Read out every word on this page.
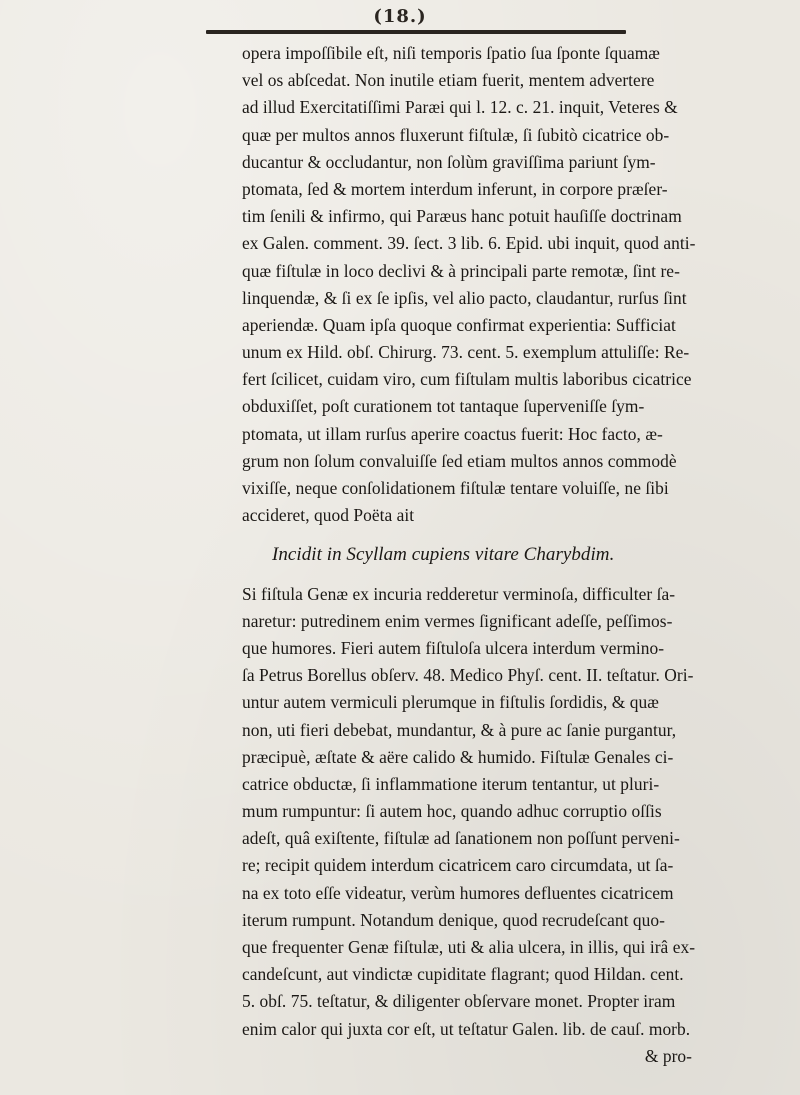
(18.)
opera impoſſibile eſt, niſi temporis ſpatio ſua ſponte ſquamæ
vel os abſcedat. Non inutile etiam fuerit, mentem advertere
ad illud Exercitatiſſimi Paræi qui l. 12. c. 21. inquit, Veteres &
quæ per multos annos fluxerunt fiſtulæ, ſi ſubitò cicatrice ob-
ducantur & occludantur, non ſolùm graviſſima pariunt ſym-
ptomata, ſed & mortem interdum inferunt, in corpore præſer-
tim ſenili & infirmo, qui Paræus hanc potuit hauſiſſe doctrinam
ex Galen. comment. 39. ſect. 3 lib. 6. Epid. ubi inquit, quod anti-
quæ fiſtulæ in loco declivi & à principali parte remotæ, ſint re-
linquendæ, & ſi ex ſe ipſis, vel alio pacto, claudantur, rurſus ſint
aperiendæ. Quam ipſa quoque confirmat experientia: Sufficiat
unum ex Hild. obſ. Chirurg. 73. cent. 5. exemplum attuliſſe: Re-
fert ſcilicet, cuidam viro, cum fiſtulam multis laboribus cicatrice
obduxiſſet, poſt curationem tot tantaque ſuperveniſſe ſym-
ptomata, ut illam rurſus aperire coactus fuerit: Hoc facto, æ-
grum non ſolum convaluiſſe ſed etiam multos annos commodè
vixiſſe, neque conſolidationem fiſtulæ tentare voluiſſe, ne ſibi
accideret, quod Poëta ait
Incidit in Scyllam cupiens vitare Charybdim.
Si fiſtula Genæ ex incuria redderetur verminoſa, difficulter ſa-
naretur: putredinem enim vermes ſignificant adeſſe, peſſimos-
que humores. Fieri autem fiſtuloſa ulcera interdum vermino-
ſa Petrus Borellus obſerv. 48. Medico Phyſ. cent. II. teſtatur. Ori-
untur autem vermiculi plerumque in fiſtulis ſordidis, & quæ
non, uti fieri debebat, mundantur, & à pure ac ſanie purgantur,
præcipuè, æſtate & aëre calido & humido. Fiſtulæ Genales ci-
catrice obductæ, ſi inflammatione iterum tentantur, ut pluri-
mum rumpuntur: ſi autem hoc, quando adhuc corruptio oſſis
adeſt, quâ exiſtente, fiſtulæ ad ſanationem non poſſunt perveni-
re; recipit quidem interdum cicatricem caro circumdata, ut ſa-
na ex toto eſſe videatur, verùm humores defluentes cicatricem
iterum rumpunt. Notandum denique, quod recrudeſcant quo-
que frequenter Genæ fiſtulæ, uti & alia ulcera, in illis, qui irâ ex-
candeſcunt, aut vindictæ cupiditate flagrant; quod Hildan. cent.
5. obſ. 75. teſtatur, & diligenter obſervare monet. Propter iram
enim calor qui juxta cor eſt, ut teſtatur Galen. lib. de cauſ. morb.
& pro-
